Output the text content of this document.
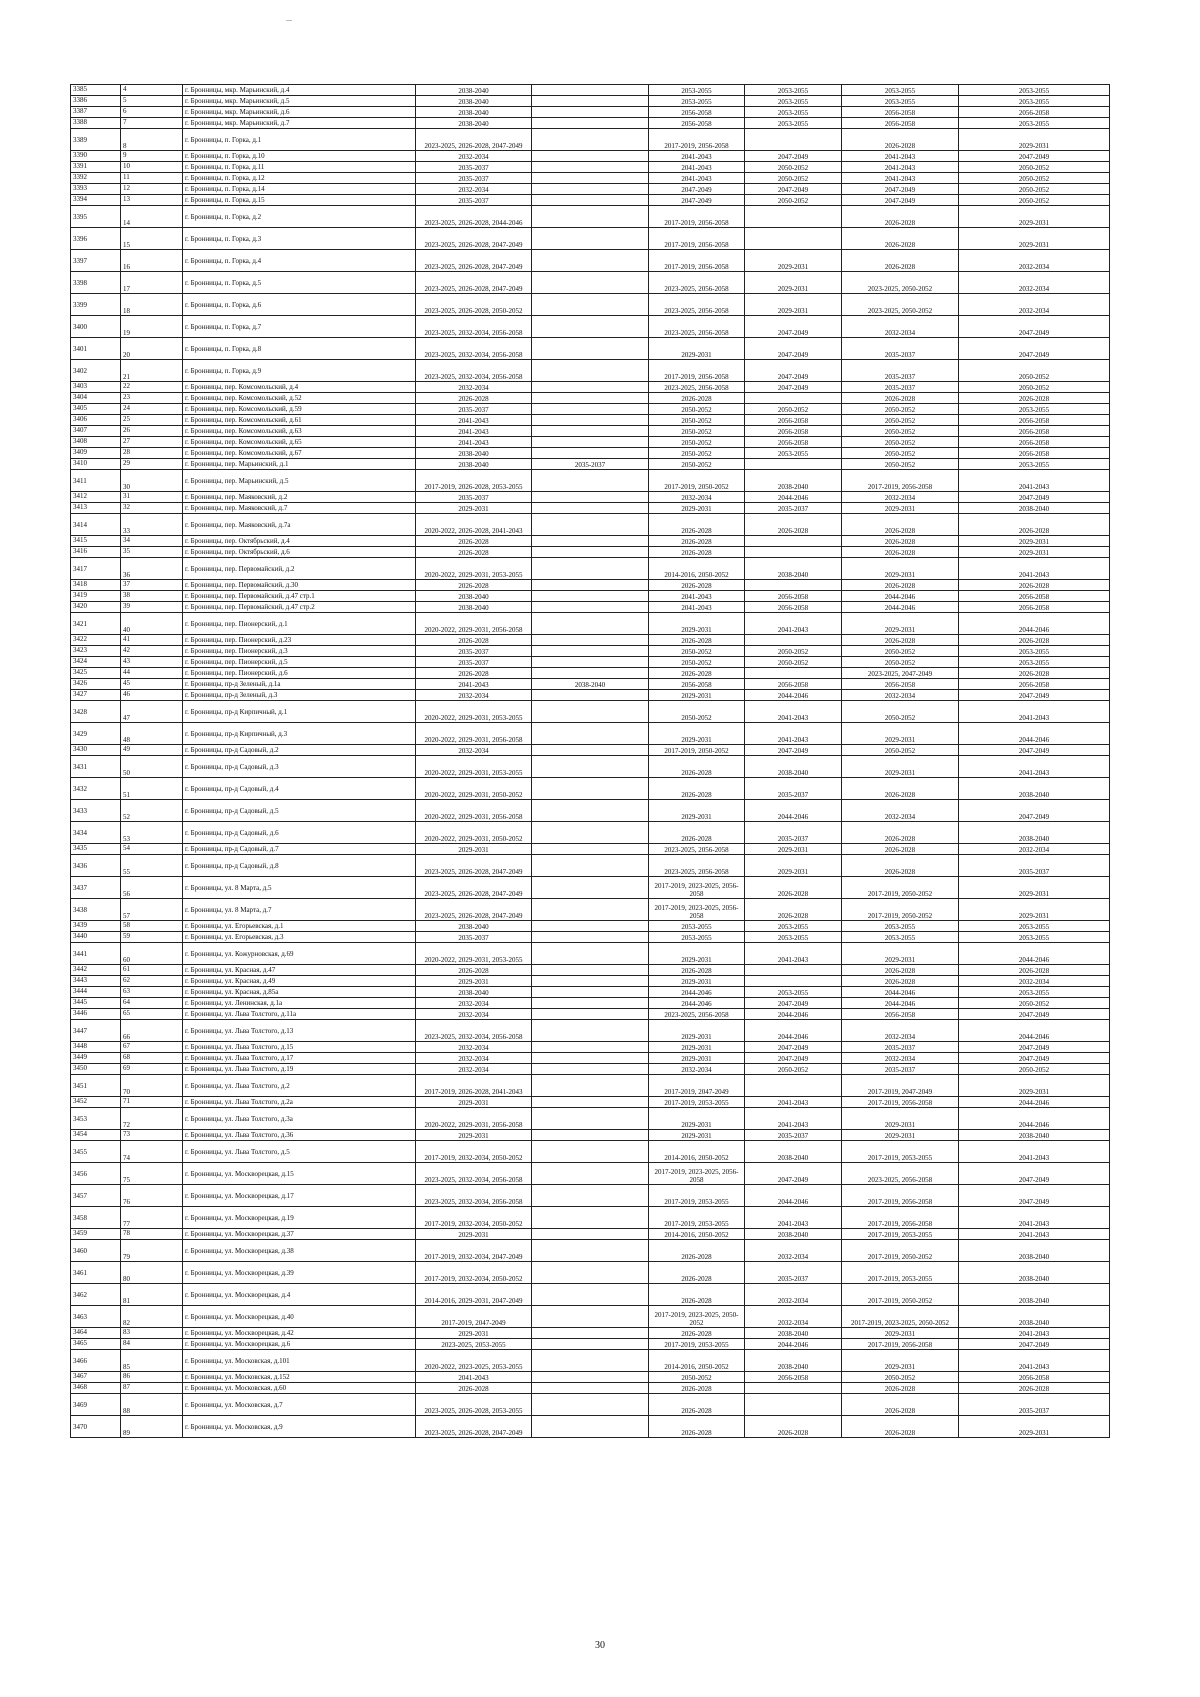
3385	4	г. Бронницы, мкр. Марьинский, д.4	2038-2040		2053-2055	2053-2055	2053-2055	2053-2055
3386	5	г. Бронницы, мкр. Марьинский, д.5	2038-2040		2053-2055	2053-2055	2053-2055	2053-2055
3387	6	г. Бронницы, мкр. Марьинский, д.6	2038-2040		2056-2058	2053-2055	2056-2058	2056-2058
3388	7	г. Бронницы, мкр. Марьинский, д.7	2038-2040		2056-2058	2053-2055	2056-2058	2053-2055
3389	8	г. Бронницы, п. Горка, д.1	2023-2025, 2026-2028, 2047-2049		2017-2019, 2056-2058		2026-2028	2029-2031
3390	9	г. Бронницы, п. Горка, д.10	2032-2034		2041-2043	2047-2049	2041-2043	2047-2049
3391	10	г. Бронницы, п. Горка, д.11	2035-2037		2041-2043	2050-2052	2041-2043	2050-2052
3392	11	г. Бронницы, п. Горка, д.12	2035-2037		2041-2043	2050-2052	2041-2043	2050-2052
3393	12	г. Бронницы, п. Горка, д.14	2032-2034		2047-2049	2047-2049	2047-2049	2050-2052
3394	13	г. Бронницы, п. Горка, д.15	2035-2037		2047-2049	2050-2052	2047-2049	2050-2052
3395	14	г. Бронницы, п. Горка, д.2	2023-2025, 2026-2028, 2044-2046		2017-2019, 2056-2058		2026-2028	2029-2031
3396	15	г. Бронницы, п. Горка, д.3	2023-2025, 2026-2028, 2047-2049		2017-2019, 2056-2058		2026-2028	2029-2031
3397	16	г. Бронницы, п. Горка, д.4	2023-2025, 2026-2028, 2047-2049		2017-2019, 2056-2058	2029-2031	2026-2028	2032-2034
3398	17	г. Бронницы, п. Горка, д.5	2023-2025, 2026-2028, 2047-2049		2023-2025, 2056-2058	2029-2031	2023-2025, 2050-2052	2032-2034
3399	18	г. Бронницы, п. Горка, д.6	2023-2025, 2026-2028, 2050-2052		2023-2025, 2056-2058	2029-2031	2023-2025, 2050-2052	2032-2034
3400	19	г. Бронницы, п. Горка, д.7	2023-2025, 2032-2034, 2056-2058		2023-2025, 2056-2058	2047-2049	2032-2034	2047-2049
3401	20	г. Бронницы, п. Горка, д.8	2023-2025, 2032-2034, 2056-2058		2029-2031	2047-2049	2035-2037	2047-2049
3402	21	г. Бронницы, п. Горка, д.9	2023-2025, 2032-2034, 2056-2058		2017-2019, 2056-2058	2047-2049	2035-2037	2050-2052
3403	22	г. Бронницы, пер. Комсомольский, д.4	2032-2034		2023-2025, 2056-2058	2047-2049	2035-2037	2050-2052
3404	23	г. Бронницы, пер. Комсомольский, д.52	2026-2028		2026-2028		2026-2028	2026-2028
3405	24	г. Бронницы, пер. Комсомольский, д.59	2035-2037		2050-2052	2050-2052	2050-2052	2053-2055
3406	25	г. Бронницы, пер. Комсомольский, д.61	2041-2043		2050-2052	2056-2058	2050-2052	2056-2058
3407	26	г. Бронницы, пер. Комсомольский, д.63	2041-2043		2050-2052	2056-2058	2050-2052	2056-2058
3408	27	г. Бронницы, пер. Комсомольский, д.65	2041-2043		2050-2052	2056-2058	2050-2052	2056-2058
3409	28	г. Бронницы, пер. Комсомольский, д.67	2038-2040		2050-2052	2053-2055	2050-2052	2056-2058
3410	29	г. Бронницы, пер. Марьинский, д.1	2038-2040	2035-2037	2050-2052		2050-2052	2053-2055
3411	30	г. Бронницы, пер. Марьинский, д.5	2017-2019, 2026-2028, 2053-2055		2017-2019, 2050-2052	2038-2040	2017-2019, 2056-2058	2041-2043
3412	31	г. Бронницы, пер. Маяковский, д.2	2035-2037		2032-2034	2044-2046	2032-2034	2047-2049
3413	32	г. Бронницы, пер. Маяковский, д.7	2029-2031		2029-2031	2035-2037	2029-2031	2038-2040
3414	33	г. Бронницы, пер. Маяковский, д.7а	2020-2022, 2026-2028, 2041-2043		2026-2028	2026-2028	2026-2028	2026-2028
3415	34	г. Бронницы, пер. Октябрьский, д.4	2026-2028		2026-2028		2026-2028	2029-2031
3416	35	г. Бронницы, пер. Октябрьский, д.6	2026-2028		2026-2028		2026-2028	2029-2031
3417	36	г. Бронницы, пер. Первомайский, д.2	2020-2022, 2029-2031, 2053-2055		2014-2016, 2050-2052	2038-2040	2029-2031	2041-2043
3418	37	г. Бронницы, пер. Первомайский, д.30	2026-2028		2026-2028		2026-2028	2026-2028
3419	38	г. Бронницы, пер. Первомайский, д.47 стр.1	2038-2040		2041-2043	2056-2058	2044-2046	2056-2058
3420	39	г. Бронницы, пер. Первомайский, д.47 стр.2	2038-2040		2041-2043	2056-2058	2044-2046	2056-2058
3421	40	г. Бронницы, пер. Пионерский, д.1	2020-2022, 2029-2031, 2056-2058		2029-2031	2041-2043	2029-2031	2044-2046
3422	41	г. Бронницы, пер. Пионерский, д.23	2026-2028		2026-2028		2026-2028	2026-2028
3423	42	г. Бронницы, пер. Пионерский, д.3	2035-2037		2050-2052	2050-2052	2050-2052	2053-2055
3424	43	г. Бронницы, пер. Пионерский, д.5	2035-2037		2050-2052	2050-2052	2050-2052	2053-2055
3425	44	г. Бронницы, пер. Пионерский, д.6	2026-2028		2026-2028		2023-2025, 2047-2049	2026-2028
3426	45	г. Бронницы, пр-д Зеленый, д.1а	2041-2043	2038-2040	2056-2058	2056-2058	2056-2058	2056-2058
3427	46	г. Бронницы, пр-д Зеленый, д.3	2032-2034		2029-2031	2044-2046	2032-2034	2047-2049
3428	47	г. Бронницы, пр-д Кирпичный, д.1	2020-2022, 2029-2031, 2053-2055		2050-2052	2041-2043	2050-2052	2041-2043
3429	48	г. Бронницы, пр-д Кирпичный, д.3	2020-2022, 2029-2031, 2056-2058		2029-2031	2041-2043	2029-2031	2044-2046
3430	49	г. Бронницы, пр-д Садовый, д.2	2032-2034		2017-2019, 2050-2052	2047-2049	2050-2052	2047-2049
3431	50	г. Бронницы, пр-д Садовый, д.3	2020-2022, 2029-2031, 2053-2055		2026-2028	2038-2040	2029-2031	2041-2043
3432	51	г. Бронницы, пр-д Садовый, д.4	2020-2022, 2029-2031, 2050-2052		2026-2028	2035-2037	2026-2028	2038-2040
3433	52	г. Бронницы, пр-д Садовый, д.5	2020-2022, 2029-2031, 2056-2058		2029-2031	2044-2046	2032-2034	2047-2049
3434	53	г. Бронницы, пр-д Садовый, д.6	2020-2022, 2029-2031, 2050-2052		2026-2028	2035-2037	2026-2028	2038-2040
3435	54	г. Бронницы, пр-д Садовый, д.7	2029-2031		2023-2025, 2056-2058	2029-2031	2026-2028	2032-2034
3436	55	г. Бронницы, пр-д Садовый, д.8	2023-2025, 2026-2028, 2047-2049		2023-2025, 2056-2058	2029-2031	2026-2028	2035-2037
3437	56	г. Бронницы, ул. 8 Марта, д.5	2023-2025, 2026-2028, 2047-2049		2017-2019, 2023-2025, 2056-2058	2026-2028	2017-2019, 2050-2052	2029-2031
3438	57	г. Бронницы, ул. 8 Марта, д.7	2023-2025, 2026-2028, 2047-2049		2017-2019, 2023-2025, 2056-2058	2026-2028	2017-2019, 2050-2052	2029-2031
3439	58	г. Бронницы, ул. Егорьевская, д.1	2038-2040		2053-2055	2053-2055	2053-2055	2053-2055
3440	59	г. Бронницы, ул. Егорьевская, д.3	2035-2037		2053-2055	2053-2055	2053-2055	2053-2055
3441	60	г. Бронницы, ул. Кожурновская, д.69	2020-2022, 2029-2031, 2053-2055		2029-2031	2041-2043	2029-2031	2044-2046
3442	61	г. Бронницы, ул. Красная, д.47	2026-2028		2026-2028		2026-2028	2026-2028
3443	62	г. Бронницы, ул. Красная, д.49	2029-2031		2029-2031		2026-2028	2032-2034
3444	63	г. Бронницы, ул. Красная, д.85а	2038-2040		2044-2046	2053-2055	2044-2046	2053-2055
3445	64	г. Бронницы, ул. Ленинская, д.1а	2032-2034		2044-2046	2047-2049	2044-2046	2050-2052
3446	65	г. Бронницы, ул. Льва Толстого, д.11а	2032-2034		2023-2025, 2056-2058	2044-2046	2056-2058	2047-2049
3447	66	г. Бронницы, ул. Льва Толстого, д.13	2023-2025, 2032-2034, 2056-2058		2029-2031	2044-2046	2032-2034	2044-2046
3448	67	г. Бронницы, ул. Льва Толстого, д.15	2032-2034		2029-2031	2047-2049	2035-2037	2047-2049
3449	68	г. Бронницы, ул. Льва Толстого, д.17	2032-2034		2029-2031	2047-2049	2032-2034	2047-2049
3450	69	г. Бронницы, ул. Льва Толстого, д.19	2032-2034		2032-2034	2050-2052	2035-2037	2050-2052
3451	70	г. Бронницы, ул. Льва Толстого, д.2	2017-2019, 2026-2028, 2041-2043		2017-2019, 2047-2049		2017-2019, 2047-2049	2029-2031
3452	71	г. Бронницы, ул. Льва Толстого, д.2а	2029-2031		2017-2019, 2053-2055	2041-2043	2017-2019, 2056-2058	2044-2046
3453	72	г. Бронницы, ул. Льва Толстого, д.3а	2020-2022, 2029-2031, 2056-2058		2029-2031	2041-2043	2029-2031	2044-2046
3454	73	г. Бронницы, ул. Льва Толстого, д.36	2029-2031		2029-2031	2035-2037	2029-2031	2038-2040
3455	74	г. Бронницы, ул. Льва Толстого, д.5	2017-2019, 2032-2034, 2050-2052		2014-2016, 2050-2052	2038-2040	2017-2019, 2053-2055	2041-2043
3456	75	г. Бронницы, ул. Москворецкая, д.15	2023-2025, 2032-2034, 2056-2058		2017-2019, 2023-2025, 2056-2058	2047-2049	2023-2025, 2056-2058	2047-2049
3457	76	г. Бронницы, ул. Москворецкая, д.17	2023-2025, 2032-2034, 2056-2058		2017-2019, 2053-2055	2044-2046	2017-2019, 2056-2058	2047-2049
3458	77	г. Бронницы, ул. Москворецкая, д.19	2017-2019, 2032-2034, 2050-2052		2017-2019, 2053-2055	2041-2043	2017-2019, 2056-2058	2041-2043
3459	78	г. Бронницы, ул. Москворецкая, д.37	2029-2031		2014-2016, 2050-2052	2038-2040	2017-2019, 2053-2055	2041-2043
3460	79	г. Бронницы, ул. Москворецкая, д.38	2017-2019, 2032-2034, 2047-2049		2026-2028	2032-2034	2017-2019, 2050-2052	2038-2040
3461	80	г. Бронницы, ул. Москворецкая, д.39	2017-2019, 2032-2034, 2050-2052		2026-2028	2035-2037	2017-2019, 2053-2055	2038-2040
3462	81	г. Бронницы, ул. Москворецкая, д.4	2014-2016, 2029-2031, 2047-2049		2026-2028	2032-2034	2017-2019, 2050-2052	2038-2040
3463	82	г. Бронницы, ул. Москворецкая, д.40	2017-2019, 2047-2049		2017-2019, 2023-2025, 2050-2052	2032-2034	2017-2019, 2023-2025, 2050-2052	2038-2040
3464	83	г. Бронницы, ул. Москворецкая, д.42	2029-2031		2026-2028	2038-2040	2029-2031	2041-2043
3465	84	г. Бронницы, ул. Москворецкая, д.6	2023-2025, 2053-2055		2017-2019, 2053-2055	2044-2046	2017-2019, 2056-2058	2047-2049
3466	85	г. Бронницы, ул. Московская, д.101	2020-2022, 2023-2025, 2053-2055		2014-2016, 2050-2052	2038-2040	2029-2031	2041-2043
3467	86	г. Бронницы, ул. Московская, д.152	2041-2043		2050-2052	2056-2058	2050-2052	2056-2058
3468	87	г. Бронницы, ул. Московская, д.60	2026-2028		2026-2028		2026-2028	2026-2028
3469	88	г. Бронницы, ул. Московская, д.7	2023-2025, 2026-2028, 2053-2055		2026-2028		2026-2028	2035-2037
3470	89	г. Бронницы, ул. Московская, д.9	2023-2025, 2026-2028, 2047-2049		2026-2028	2026-2028	2026-2028	2029-2031
30
